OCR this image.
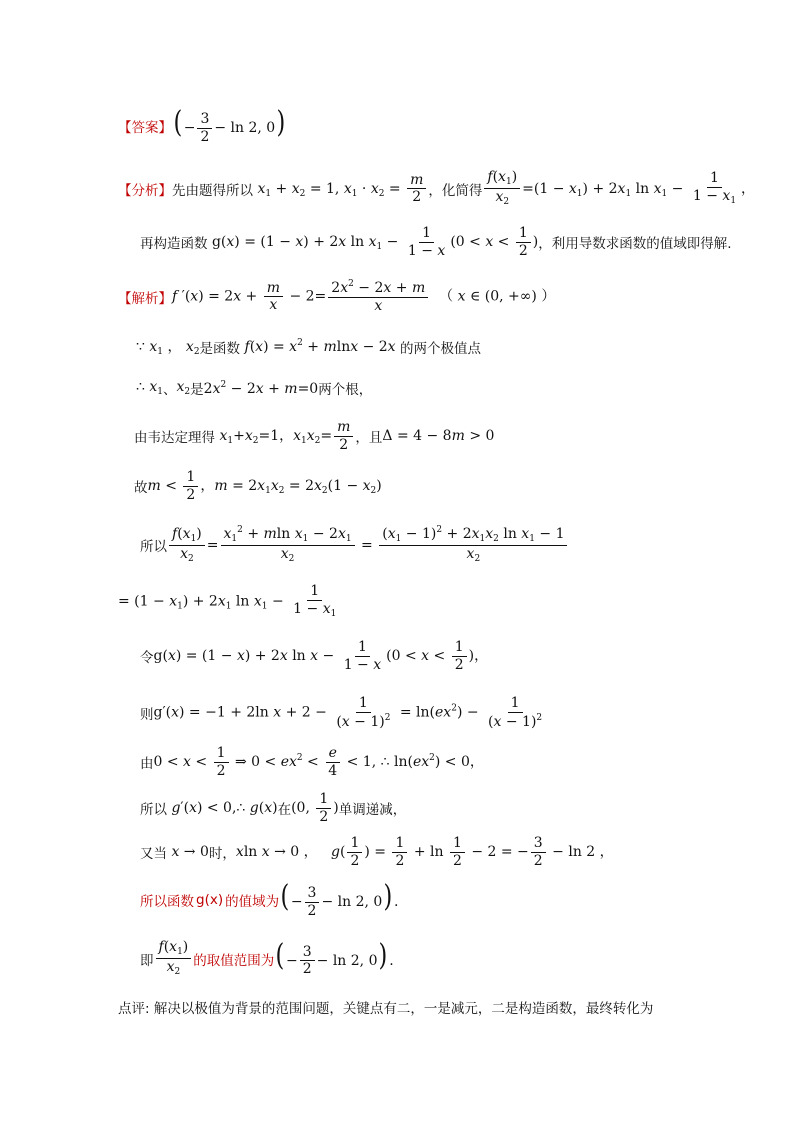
【答案】 (− $\frac{3}{2} - \ln 2$, 0)
【分析】 先由题得所以 $x_1 + x_2 = 1$, $x_1 \cdot x_2 = \frac{m}{2}$ ，化简得 $\frac{f(x_1)}{x_2} =(1 - x_1) + 2x_1$ $\ln x_1 - \frac{1}{1 - x_1}$ ，
再构造函数 g(x) = (1 − x) + 2x $\ln x_1 - \frac{1}{1 - x} (0 < x < \frac{1}{2}$ ) ，利用导数求函数的值域即得解.
【解析】 f $'(x) = 2x + \frac{m}{x} - 2= \frac{2x^2 - 2x + m}{x}$ （ x ∈ (0, +∞) ）
∵ $x_1$ ， $x_2$ 是函数 $f(x) = x^2 + mlnx - 2x$ 的两个极值点
∴ $x_1$ 、 $x_2$ 是 $2x^2 - 2x + m=0$ 两个根，
由韦达定理得 $x_1+x_2=1$，$x_1x_2= \frac{m}{2}$ ，且 Δ = 4 − 8m > 0
故 $m < \frac{1}{2}$ ，$m = 2x_1x_2 = 2x_2(1 - x_2)$
所以 $\frac{f(x_1)}{x_2} = \frac{x_1^2 + mln x_1 - 2x_1}{x_2} = \frac{(x_1 - 1)^2 + 2x_1x_2 \ln x_1 - 1}{x_2}$
= $(1 - x_1) + 2x_1$ $\ln x_1 - \frac{1}{1 - x_1}$
令 g(x) = (1 − x) + 2x $\ln x - \frac{1}{1 - x} (0 < x < \frac{1}{2}$ )，
则 g′(x) = −1 + 2ln $x + 2 - \frac{1}{(x - 1)^2} = \ln(ex^2) - \frac{1}{(x - 1)^2}$
由 $0 < x < \frac{1}{2}$ ⇒ $0 < ex^2 < \frac{e}{4} < 1$, ∴ $\ln(ex^2) < 0$，
所以 g′(x) < 0,∴ g(x) 在 (0, $\frac{1}{2}$ ) 单调递减，
又当 x → 0 时， xln x → 0 ，   $g( \frac{1}{2}$ ) = $\frac{1}{2} + \ln \frac{1}{2} - 2$ = − $\frac{3}{2} - \ln 2$ ，
所以函数 g(x) 的值域为 (− $\frac{3}{2} - \ln 2$, 0).
即 $\frac{f(x_1)}{x_2}$ 的取值范围为 (− $\frac{3}{2} - \ln 2$, 0).
点评: 解决以极值为背景的范围问题，关键点有二，一是减元，二是构造函数，最终转化为
